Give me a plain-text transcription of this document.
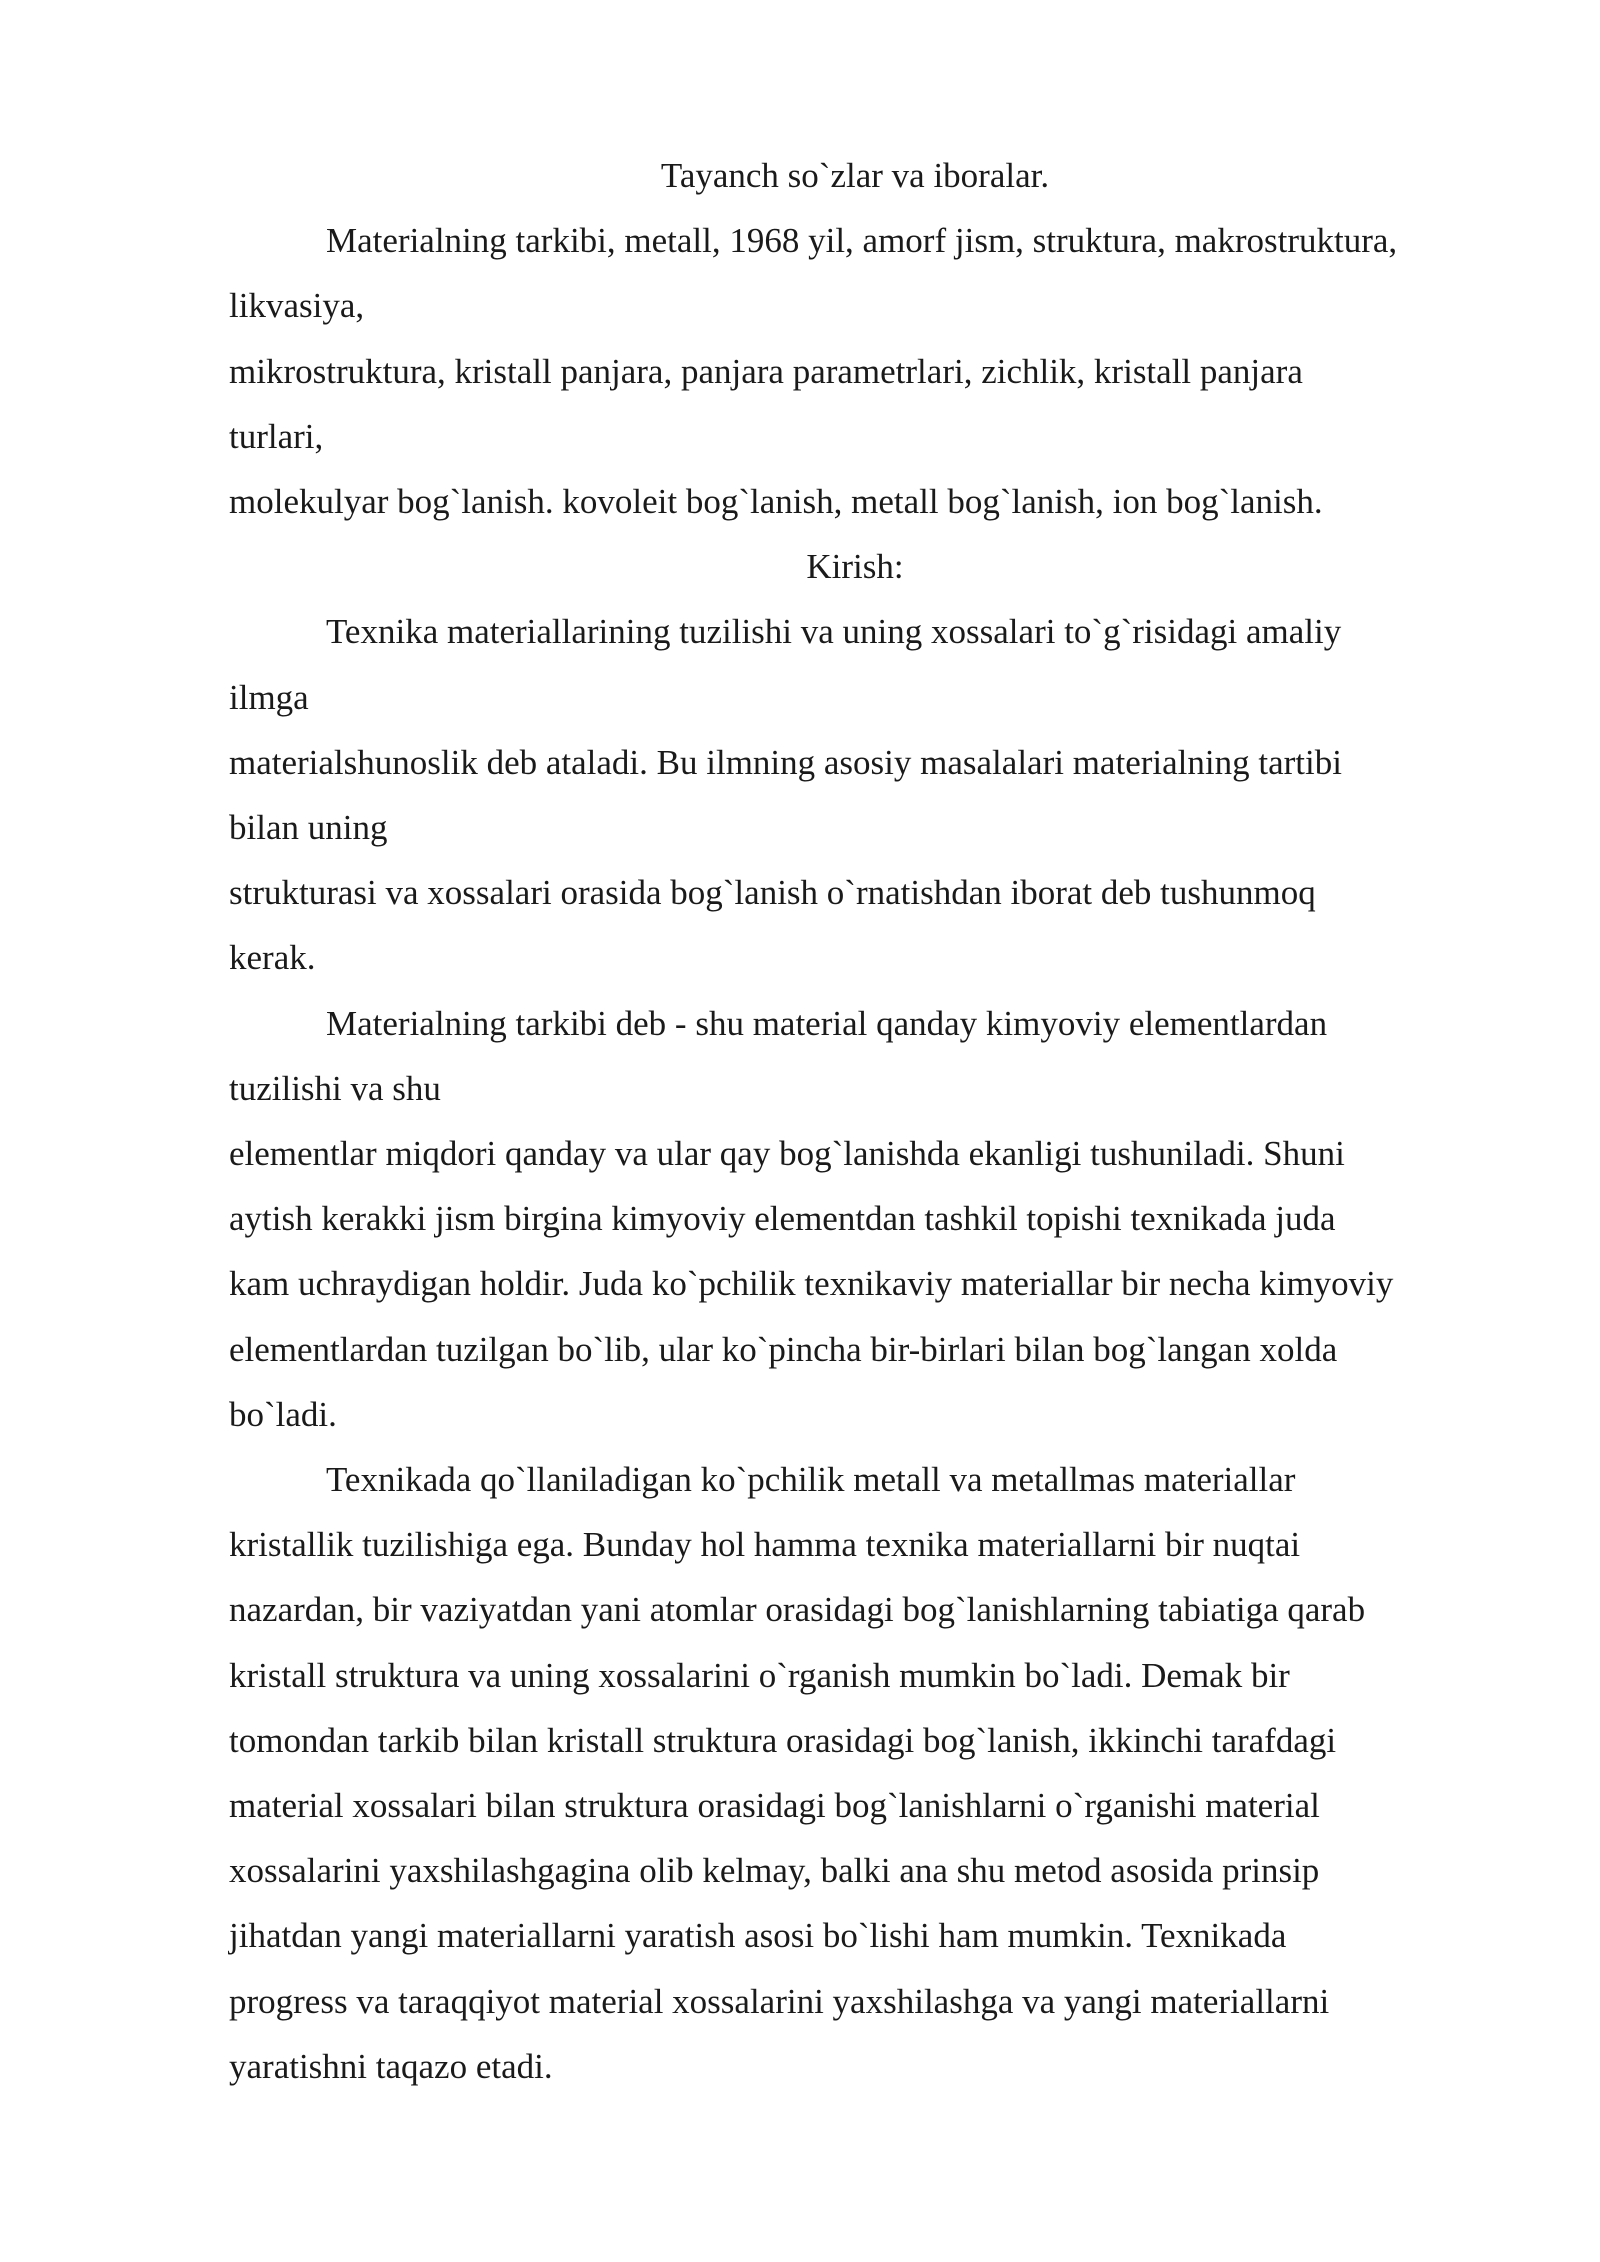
Tayanch so`zlar va iboralar.
Materialning tarkibi, metall, 1968 yil, amorf jism, struktura, makrostruktura,
likvasiya,
mikrostruktura, kristall panjara, panjara parametrlari, zichlik, kristall panjara
turlari,
molekulyar bog`lanish. kovoleit bog`lanish, metall bog`lanish, ion bog`lanish.
Kirish:
Texnika materiallarining tuzilishi va uning xossalari to`g`risidagi amaliy
ilmga
materialshunoslik deb ataladi. Bu ilmning asosiy masalalari materialning tartibi
bilan uning
strukturasi va xossalari orasida bog`lanish o`rnatishdan iborat deb tushunmoq
kerak.
Materialning tarkibi deb - shu material qanday kimyoviy elementlardan
tuzilishi va shu
elementlar miqdori qanday va ular qay bog`lanishda ekanligi tushuniladi. Shuni
aytish kerakki jism birgina kimyoviy elementdan tashkil topishi texnikada juda
kam uchraydigan holdir. Juda ko`pchilik texnikaviy materiallar bir necha kimyoviy
elementlardan tuzilgan bo`lib, ular ko`pincha bir-birlari bilan bog`langan xolda
bo`ladi.
Texnikada qo`llaniladigan ko`pchilik metall va metallmas materiallar
kristallik tuzilishiga ega. Bunday hol hamma texnika materiallarni bir nuqtai
nazardan, bir vaziyatdan yani atomlar orasidagi bog`lanishlarning tabiatiga qarab
kristall struktura va uning xossalarini o`rganish mumkin bo`ladi. Demak bir
tomondan tarkib bilan kristall struktura orasidagi bog`lanish, ikkinchi tarafdagi
material xossalari bilan struktura orasidagi bog`lanishlarni o`rganishi material
xossalarini yaxshilashgagina olib kelmay, balki ana shu metod asosida prinsip
jihatdan yangi materiallarni yaratish asosi bo`lishi ham mumkin. Texnikada
progress va taraqqiyot material xossalarini yaxshilashga va yangi materiallarni
yaratishni taqazo etadi.
